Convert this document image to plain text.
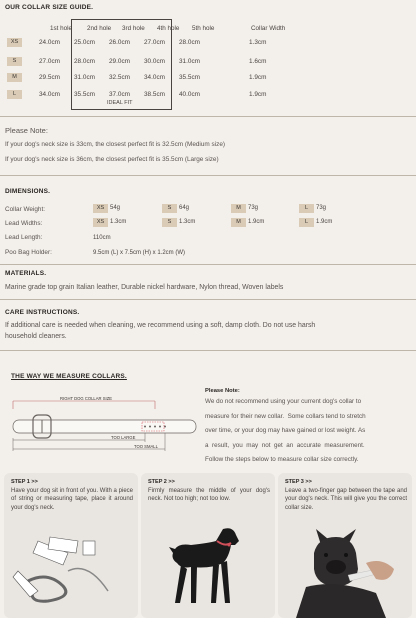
OUR COLLAR SIZE GUIDE.
IDEAL FIT
1st hole 2nd hole 3rd hole 4th hole 5th hole	Collar Width
XS	24.0cm 25.0cm 26.0cm 27.0cm 28.0cm	1.3cm
S	27.0cm 28.0cm 29.0cm 30.0cm 31.0cm	1.6cm
M	29.5cm 31.0cm 32.5cm 34.0cm 35.5cm	1.9cm
L	34.0cm 35.5cm 37.0cm 38.5cm 40.0cm	1.9cm
Please Note:
If your dog's neck size is 33cm, the closest perfect fit is 32.5cm (Medium size)
If your dog's neck size is 36cm, the closest perfect fit is 35.5cm (Large size)
DIMENSIONS.
Collar Weight:	XS 54g	S	64g	M	73g	L	73g
Lead Widths:	XS 1.3cm	S	1.3cm	M	1.9cm	L	1.9cm
Lead Length:	110cm
Poo Bag Holder:	9.5cm (L) x 7.5cm (H) x 1.2cm (W)
MATERIALS.
Marine grade top grain Italian leather, Durable nickel hardware, Nylon thread, Woven labels
CARE INSTRUCTIONS.
If additional care is needed when cleaning, we recommend using a soft, damp cloth. Do not use harsh
household cleaners.
THE WAY WE MEASURE COLLARS.
RIGHT DOG COLLAR SIZE
TOO LARGE
TOO SMALL
Please Note:
We do not recommend using your current dog's collar to
measure for their new collar.  Some collars tend to stretch
over time, or your dog may have gained or lost weight. As
a  result,  you  may  not  get  an  accurate  measurement.
Follow the steps below to measure collar size correctly.
STEP 1 >>
Have your dog sit in front of you. With a piece of string or measuring tape, place it around your dog's neck.
STEP 2 >>
Firmly measure the middle of your dog's neck. Not too high; not too low.
STEP 3 >>
Leave a two-finger gap between the tape and your dog's neck. This will give you the correct collar size.
